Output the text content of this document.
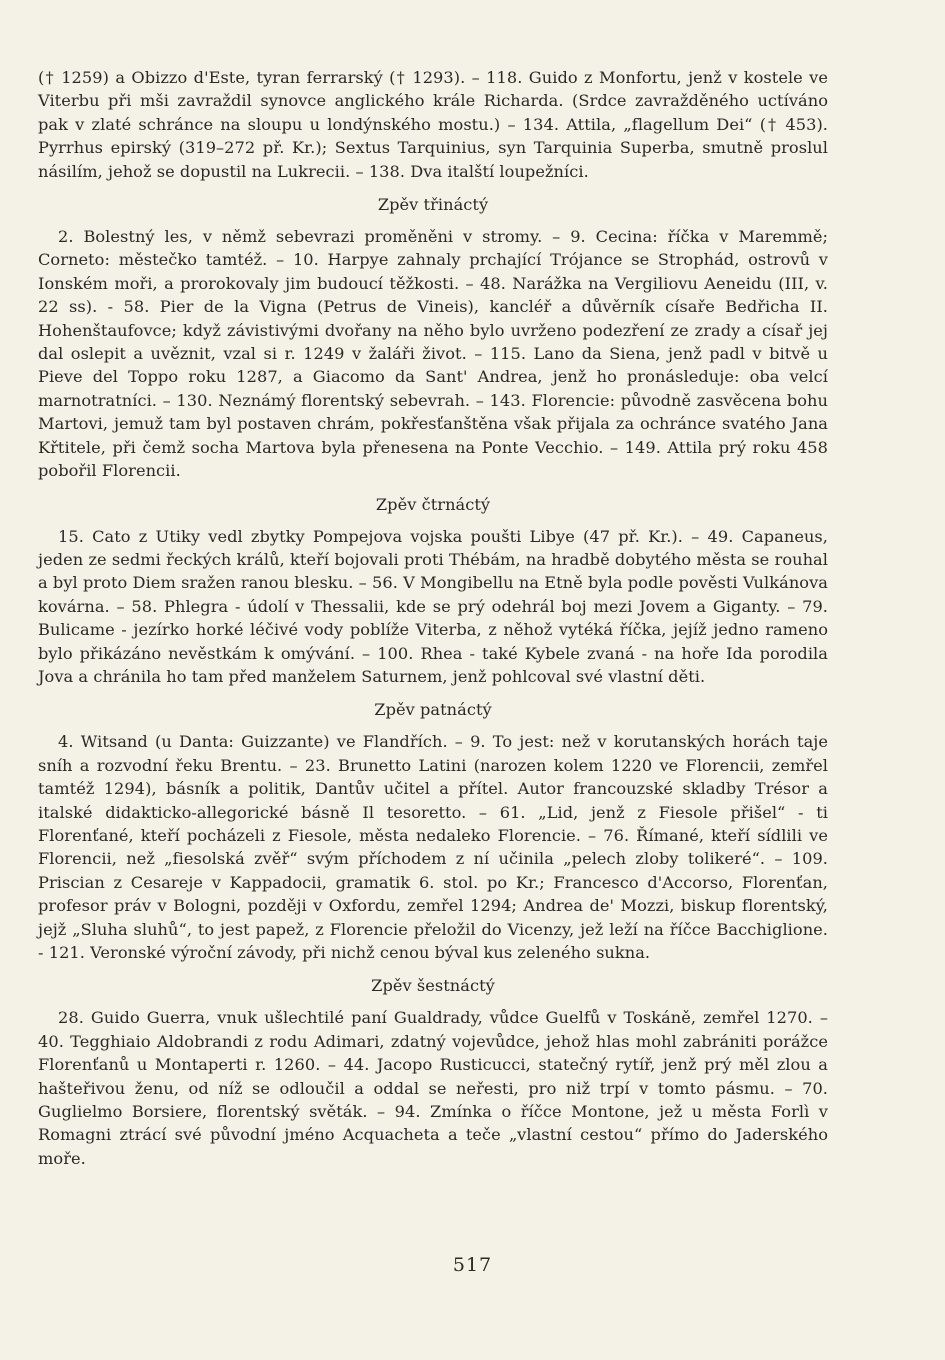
(† 1259) a Obizzo d'Este, tyran ferrarský († 1293). – 118. Guido z Monfortu, jenž v kostele ve Viterbu při mši zavraždil synovce anglického krále Richarda. (Srdce zavražděného uctíváno pak v zlaté schránce na sloupu u londýnského mostu.) – 134. Attila, „flagellum Dei“ († 453). Pyrrhus epirský (319–272 př. Kr.); Sextus Tarquinius, syn Tarquinia Superba, smutně proslul násilím, jehož se dopustil na Lukrecii. – 138. Dva italští loupežníci.

Zpěv třináctý

2. Bolestný les, v němž sebevrazi proměněni v stromy. – 9. Cecina: říčka v Maremmě; Corneto: městečko tamtéž. – 10. Harpye zahnaly prchající Trójance se Strophád, ostrovů v Ionském moři, a prorokovaly jim budoucí těžkosti. – 48. Narážka na Vergiliovu Aeneidu (III, v. 22 ss). - 58. Pier de la Vigna (Petrus de Vineis), kancléř a důvěrník císaře Bedřicha II. Hohenštaufovce; když závistivými dvořany na něho bylo uvrženo podezření ze zrady a císař jej dal oslepit a uvěznit, vzal si r. 1249 v žaláři život. – 115. Lano da Siena, jenž padl v bitvě u Pieve del Toppo roku 1287, a Giacomo da Sant' Andrea, jenž ho pronásleduje: oba velcí marnotratníci. – 130. Neznámý florentský sebevrah. – 143. Florencie: původně zasvěcena bohu Martovi, jemuž tam byl postaven chrám, pokřesťanštěna však přijala za ochránce svatého Jana Křtitele, při čemž socha Martova byla přenesena na Ponte Vecchio. – 149. Attila prý roku 458 pobořil Florencii.

Zpěv čtrnáctý

15. Cato z Utiky vedl zbytky Pompejova vojska poušti Libye (47 př. Kr.). – 49. Capaneus, jeden ze sedmi řeckých králů, kteří bojovali proti Thébám, na hradbě dobytého města se rouhal a byl proto Diem sražen ranou blesku. – 56. V Mongibellu na Etně byla podle pověsti Vulkánova kovárna. – 58. Phlegra - údolí v Thessalii, kde se prý odehrál boj mezi Jovem a Giganty. – 79. Bulicame - jezírko horké léčivé vody poblíže Viterba, z něhož vytéká říčka, jejíž jedno rameno bylo přikázáno nevěstkám k omývání. – 100. Rhea - také Kybele zvaná - na hoře Ida porodila Jova a chránila ho tam před manželem Saturnem, jenž pohlcoval své vlastní děti.

Zpěv patnáctý

4. Witsand (u Danta: Guizzante) ve Flandřích. – 9. To jest: než v korutanských horách taje sníh a rozvodní řeku Brentu. – 23. Brunetto Latini (narozen kolem 1220 ve Florencii, zemřel tamtéž 1294), básník a politik, Dantův učitel a přítel. Autor francouzské skladby Trésor a italské didakticko-allegorické básně Il tesoretto. – 61. „Lid, jenž z Fiesole přišel“ - ti Florenťané, kteří pocházeli z Fiesole, města nedaleko Florencie. – 76. Římané, kteří sídlili ve Florencii, než „fiesolská zvěř“ svým příchodem z ní učinila „pelech zloby tolikeré“. – 109. Priscian z Cesareje v Kappadocii, gramatik 6. stol. po Kr.; Francesco d'Accorso, Florenťan, profesor práv v Bologni, později v Oxfordu, zemřel 1294; Andrea de' Mozzi, biskup florentský, jejž „Sluha sluhů“, to jest papež, z Florencie přeložil do Vicenzy, jež leží na říčce Bacchiglione. - 121. Veronské výroční závody, při nichž cenou býval kus zeleného sukna.

Zpěv šestnáctý

28. Guido Guerra, vnuk ušlechtilé paní Gualdrady, vůdce Guelfů v Toskáně, zemřel 1270. – 40. Tegghiaio Aldobrandi z rodu Adimari, zdatný vojevůdce, jehož hlas mohl zabrániti porážce Florenťanů u Montaperti r. 1260. – 44. Jacopo Rusticucci, statečný rytíř, jenž prý měl zlou a hašteřivou ženu, od níž se odloučil a oddal se neřesti, pro niž trpí v tomto pásmu. – 70. Guglielmo Borsiere, florentský světák. – 94. Zmínka o říčce Montone, jež u města Forlì v Romagni ztrácí své původní jméno Acquacheta a teče „vlastní cestou“ přímo do Jaderského moře.

517
